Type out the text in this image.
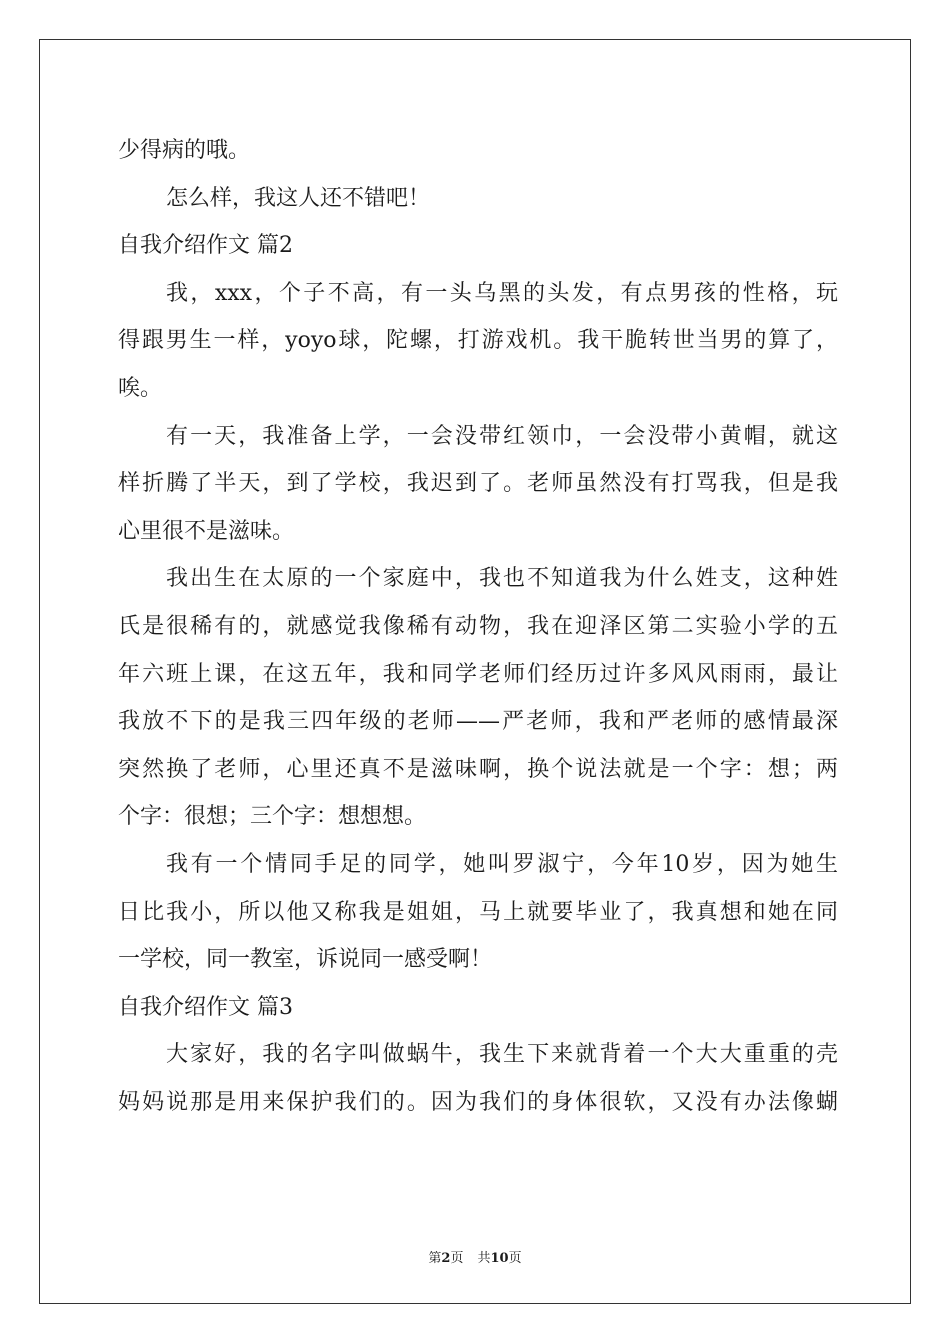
少得病的哦。
怎么样，我这人还不错吧！
自我介绍作文 篇2
我，xxx，个子不高，有一头乌黑的头发，有点男孩的性格，玩
得跟男生一样，yoyo球，陀螺，打游戏机。我干脆转世当男的算了，
唉。
有一天，我准备上学，一会没带红领巾，一会没带小黄帽，就这
样折腾了半天，到了学校，我迟到了。老师虽然没有打骂我，但是我
心里很不是滋味。
我出生在太原的一个家庭中，我也不知道我为什么姓支，这种姓
氏是很稀有的，就感觉我像稀有动物，我在迎泽区第二实验小学的五
年六班上课，在这五年，我和同学老师们经历过许多风风雨雨，最让
我放不下的是我三四年级的老师——严老师，我和严老师的感情最深
突然换了老师，心里还真不是滋味啊，换个说法就是一个字：想；两
个字：很想；三个字：想想想。
我有一个情同手足的同学，她叫罗淑宁，今年10岁，因为她生
日比我小，所以他又称我是姐姐，马上就要毕业了，我真想和她在同
一学校，同一教室，诉说同一感受啊！
自我介绍作文 篇3
大家好，我的名字叫做蜗牛，我生下来就背着一个大大重重的壳
妈妈说那是用来保护我们的。因为我们的身体很软，又没有办法像蝴
第2页 共10页
